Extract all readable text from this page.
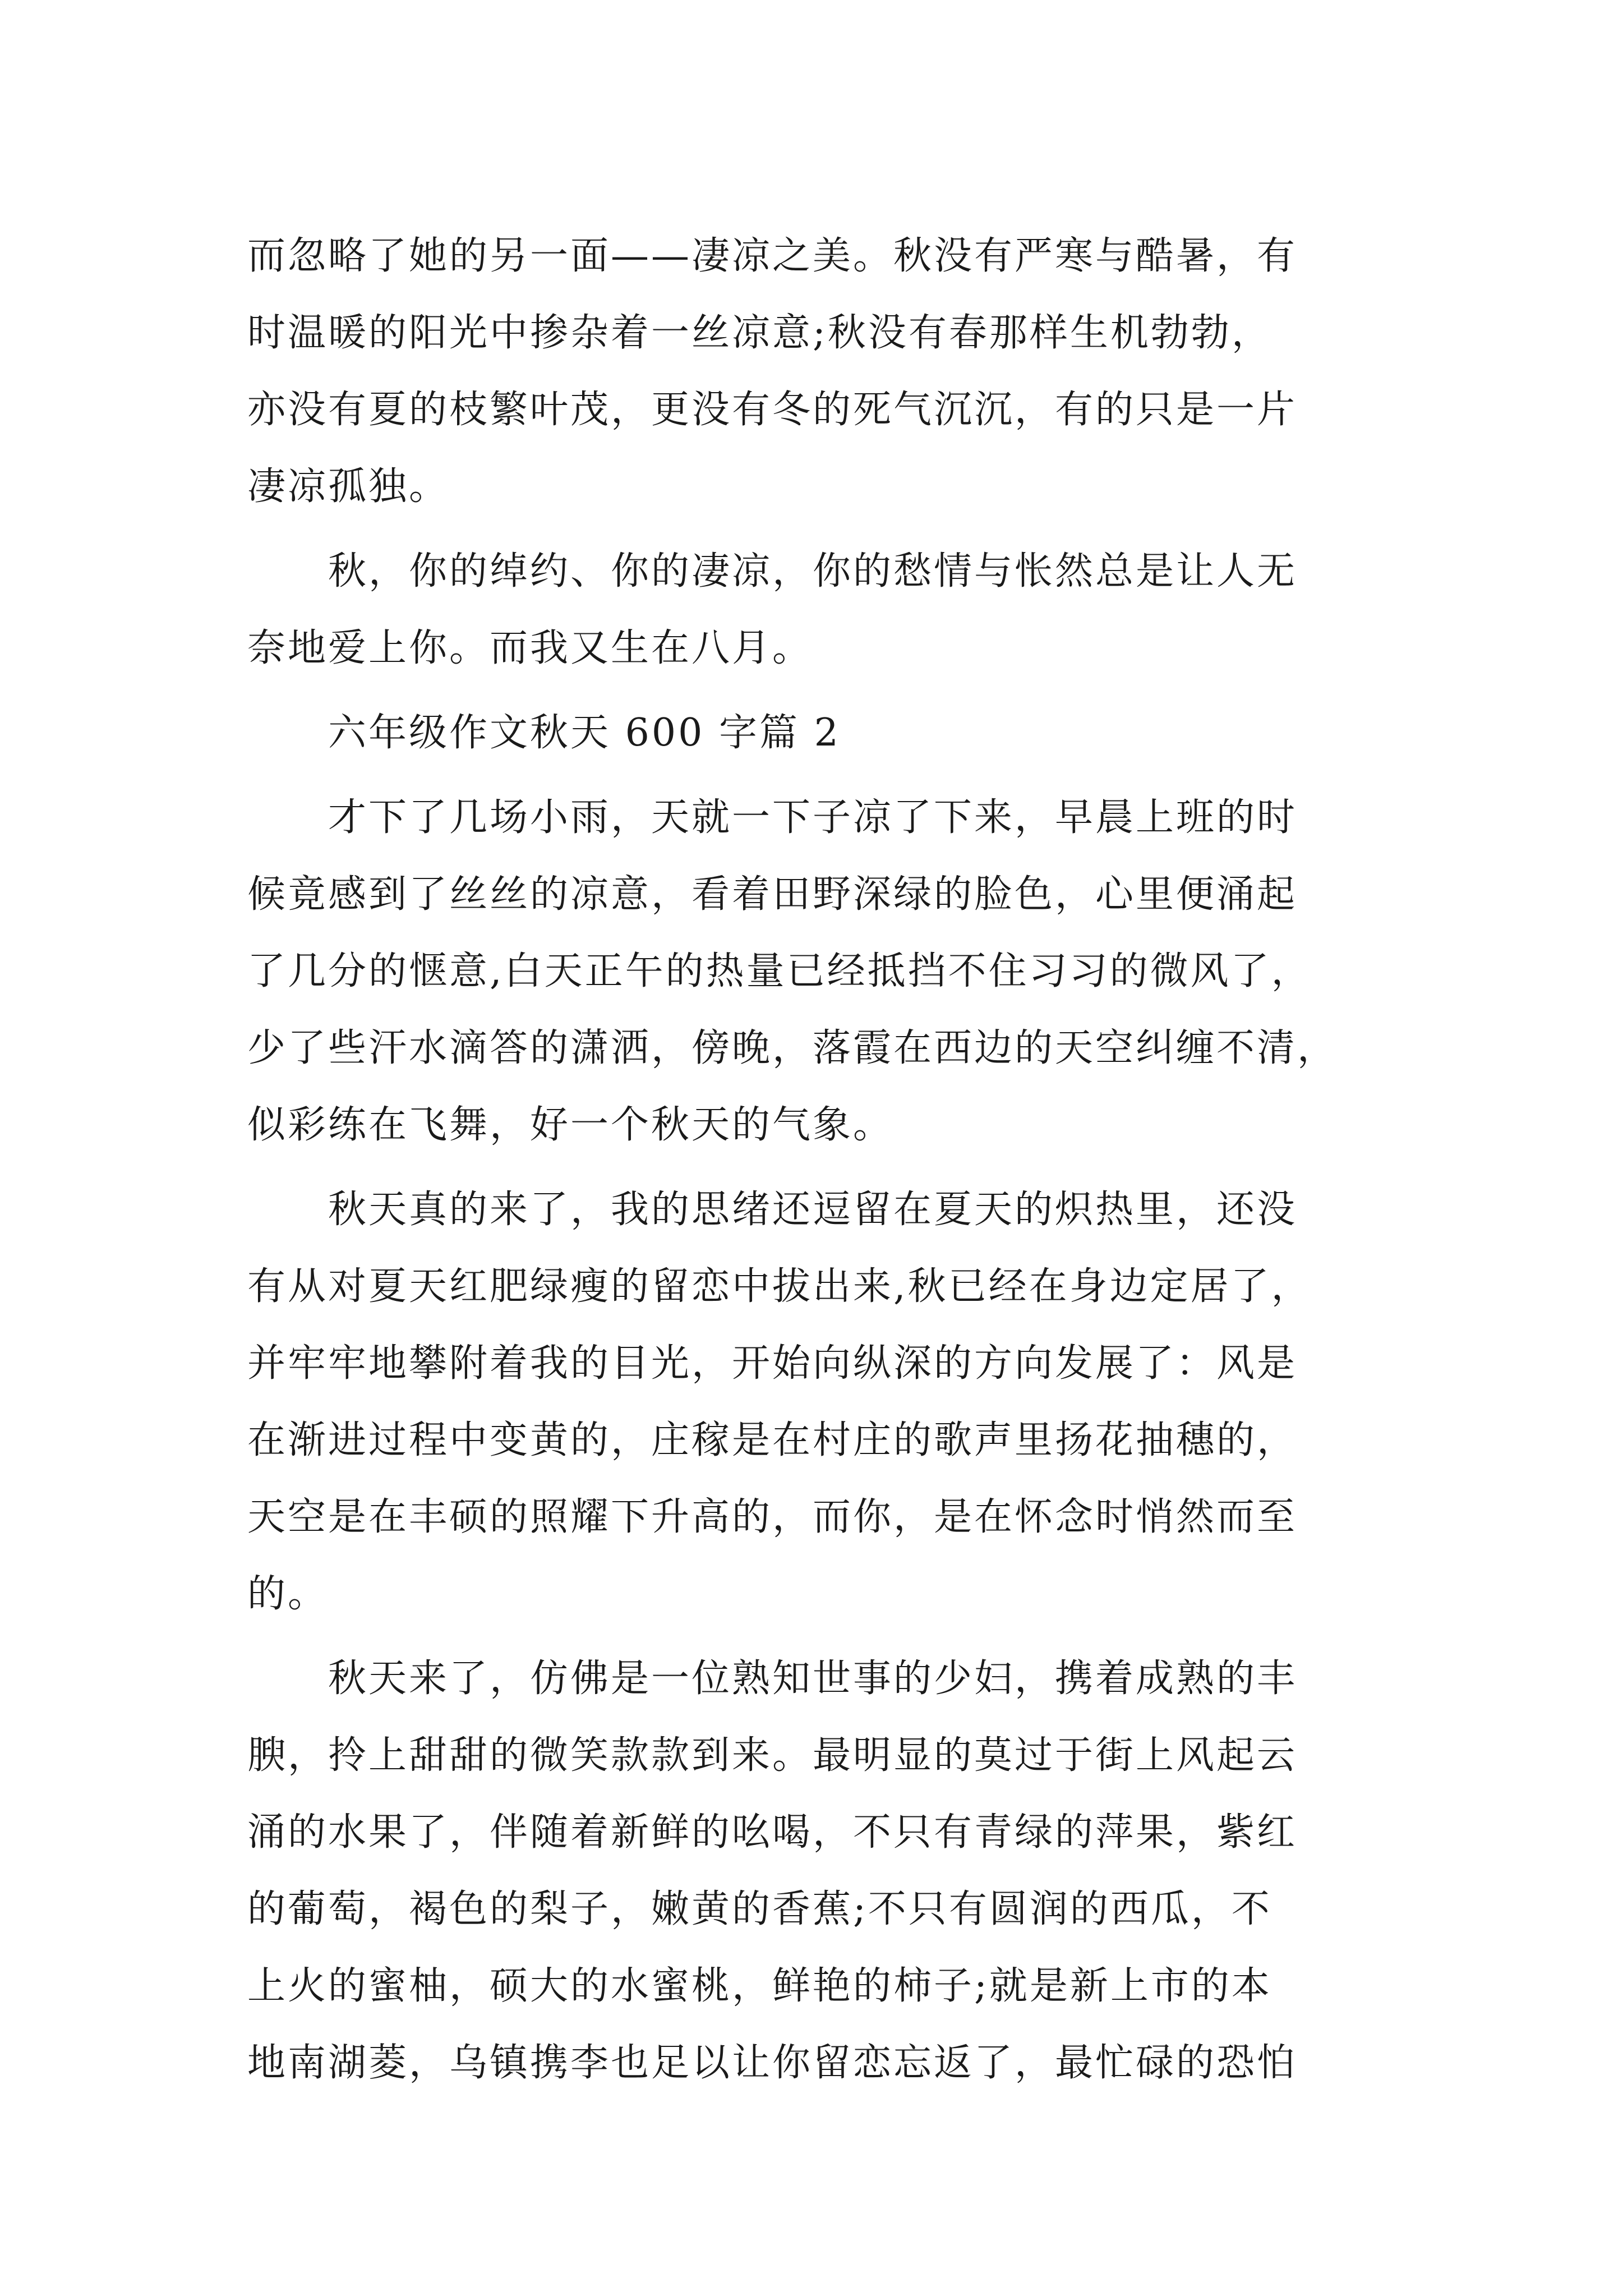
而忽略了她的另一面——凄凉之美。秋没有严寒与酷暑，有

时温暖的阳光中掺杂着一丝凉意;秋没有春那样生机勃勃，

亦没有夏的枝繁叶茂，更没有冬的死气沉沉，有的只是一片

凄凉孤独。

秋，你的绰约、你的凄凉，你的愁情与怅然总是让人无

奈地爱上你。而我又生在八月。

六年级作文秋天 600 字篇 2

才下了几场小雨，天就一下子凉了下来，早晨上班的时

候竟感到了丝丝的凉意，看着田野深绿的脸色，心里便涌起

了几分的惬意,白天正午的热量已经抵挡不住习习的微风了，

少了些汗水滴答的潇洒，傍晚，落霞在西边的天空纠缠不清，

似彩练在飞舞，好一个秋天的气象。

秋天真的来了，我的思绪还逗留在夏天的炽热里，还没

有从对夏天红肥绿瘦的留恋中拔出来,秋已经在身边定居了，

并牢牢地攀附着我的目光，开始向纵深的方向发展了：风是

在渐进过程中变黄的，庄稼是在村庄的歌声里扬花抽穗的，

天空是在丰硕的照耀下升高的，而你，是在怀念时悄然而至

的。

秋天来了，仿佛是一位熟知世事的少妇，携着成熟的丰

腴，拎上甜甜的微笑款款到来。最明显的莫过于街上风起云

涌的水果了，伴随着新鲜的吆喝，不只有青绿的萍果，紫红

的葡萄，褐色的梨子，嫩黄的香蕉;不只有圆润的西瓜，不

上火的蜜柚，硕大的水蜜桃，鲜艳的柿子;就是新上市的本

地南湖菱，乌镇携李也足以让你留恋忘返了，最忙碌的恐怕
